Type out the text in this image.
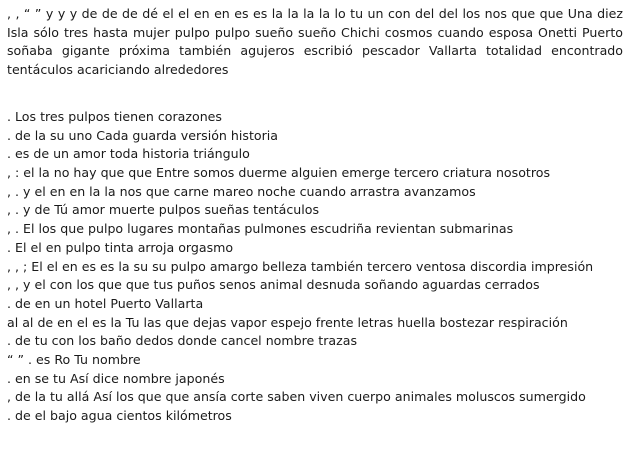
, , “ ” y y y de de de dé el el en en es es la la la la lo tu un con del del los nos que que Una diez Isla sólo tres hasta mujer pulpo pulpo sueño sueño Chichi cosmos cuando esposa Onetti Puerto soñaba gigante próxima también agujeros escribió pescador Vallarta totalidad encontrado tentáculos acariciando alrededores
. Los tres pulpos tienen corazones
. de la su uno Cada guarda versión historia
. es de un amor toda historia triángulo
, : el la no hay que que Entre somos duerme alguien emerge tercero criatura nosotros
, . y el en en la la nos que carne mareo noche cuando arrastra avanzamos
, . y de Tú amor muerte pulpos sueñas tentáculos
, . El los que pulpo lugares montañas pulmones escudriña revientan submarinas
. El el en pulpo tinta arroja orgasmo
, , ; El el en es es la su su pulpo amargo belleza también tercero ventosa discordia impresión
, , y el con los que que tus puños senos animal desnuda soñando aguardas cerrados
. de en un hotel Puerto Vallarta
al al de en el es la Tu las que dejas vapor espejo frente letras huella bostezar respiración
. de tu con los baño dedos donde cancel nombre trazas
“ ” . es Ro Tu nombre
. en se tu Así dice nombre japonés
, de la tu allá Así los que que ansía corte saben viven cuerpo animales moluscos sumergido
. de el bajo agua cientos kilómetros
